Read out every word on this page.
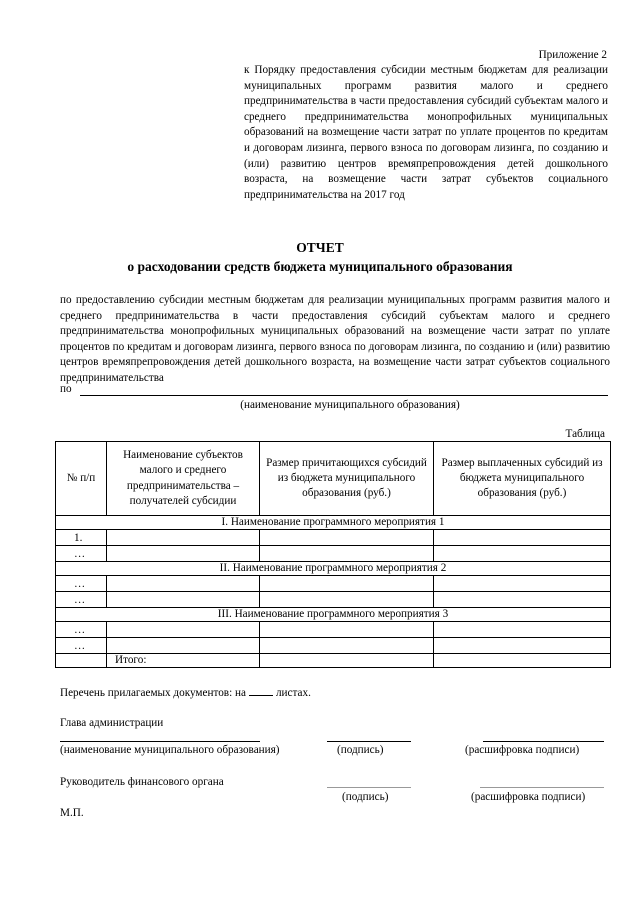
Приложение 2
к Порядку предоставления субсидии местным бюджетам для реализации муниципальных программ развития малого и среднего предпринимательства в части предоставления субсидий субъектам малого и среднего предпринимательства монопрофильных муниципальных образований на возмещение части затрат по уплате процентов по кредитам и договорам лизинга, первого взноса по договорам лизинга, по созданию и (или) развитию центров времяпрепровождения детей дошкольного возраста, на возмещение части затрат субъектов социального предпринимательства на 2017 год
ОТЧЕТ
о расходовании средств бюджета муниципального образования
по предоставлению субсидии местным бюджетам для реализации муниципальных программ развития малого и среднего предпринимательства в части предоставления субсидий субъектам малого и среднего предпринимательства монопрофильных муниципальных образований на возмещение части затрат по уплате процентов по кредитам и договорам лизинга, первого взноса по договорам лизинга, по созданию и (или) развитию центров времяпрепровождения детей дошкольного возраста, на возмещение части затрат субъектов социального предпринимательства
по
(наименование муниципального образования)
Таблица
№ п/п	Наименование субъектов малого и среднего предпринимательства – получателей субсидии	Размер причитающихся субсидий из бюджета муниципального образования (руб.)	Размер выплаченных субсидий из бюджета муниципального образования (руб.)
I. Наименование программного мероприятия 1			
1.			
…			
II. Наименование программного мероприятия 2			
…			
…			
III. Наименование программного мероприятия 3			
…			
…			
	Итого:		
Перечень прилагаемых документов: на	листах.
Глава администрации
(наименование муниципального образования)	(подпись)	(расшифровка подписи)
Руководитель финансового органа
(подпись)	(расшифровка подписи)
М.П.
